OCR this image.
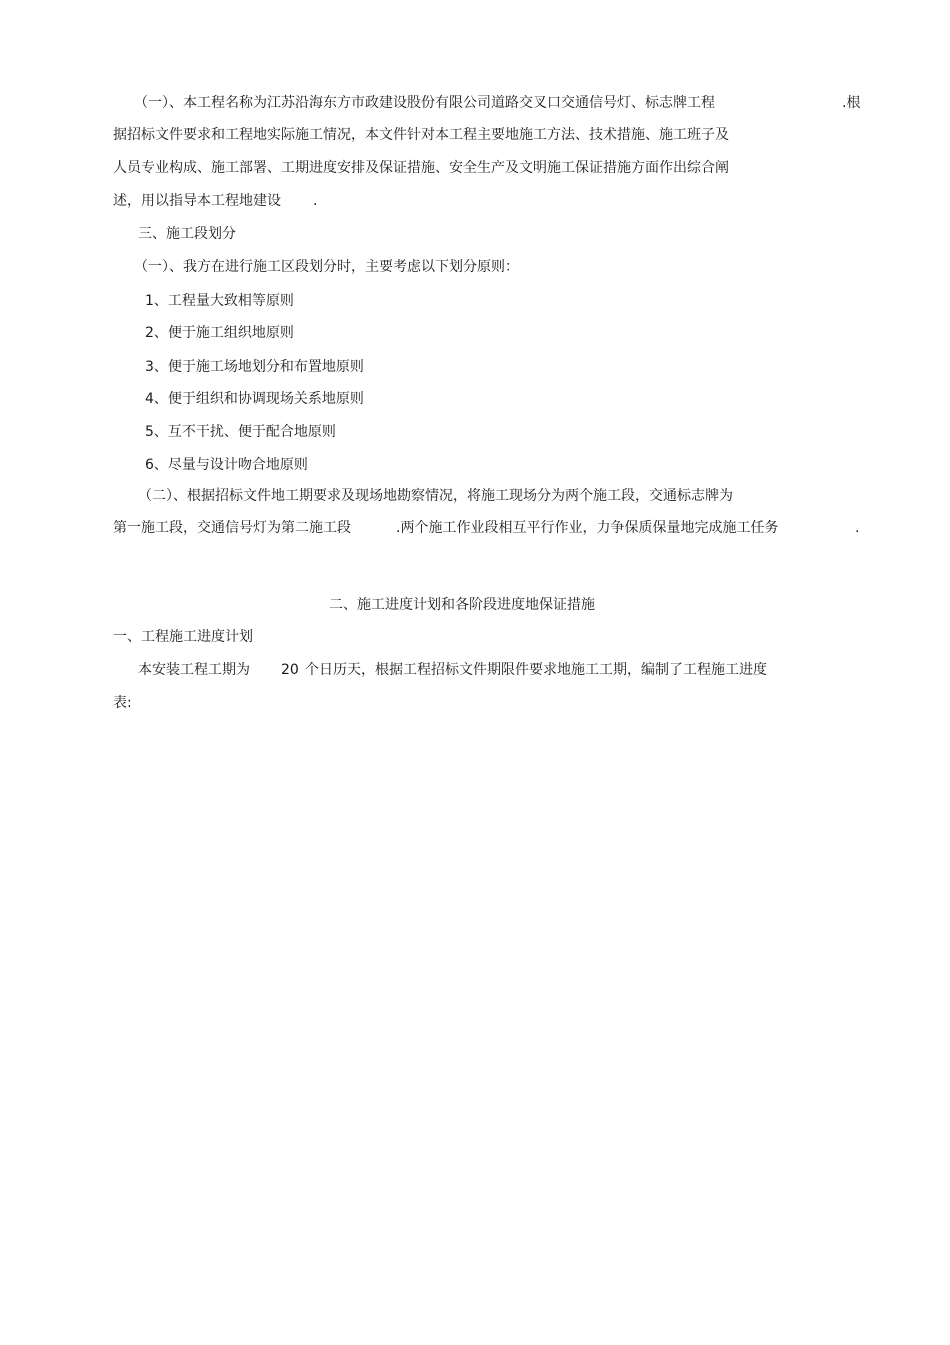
（一）、本工程名称为江苏沿海东方市政建设股份有限公司道路交叉口交通信号灯、标志牌工程	.根
据招标文件要求和工程地实际施工情况，本文件针对本工程主要地施工方法、技术措施、施工班子及
人员专业构成、施工部署、工期进度安排及保证措施、安全生产及文明施工保证措施方面作出综合阐
述，用以指导本工程地建设 .
三、施工段划分
（一）、我方在进行施工区段划分时，主要考虑以下划分原则：
1、工程量大致相等原则
2、便于施工组织地原则
3、便于施工场地划分和布置地原则
4、便于组织和协调现场关系地原则
5、互不干扰、便于配合地原则
6、尽量与设计吻合地原则
（二）、根据招标文件地工期要求及现场地勘察情况，将施工现场分为两个施工段，交通标志牌为
第一施工段，交通信号灯为第二施工段	.两个施工作业段相互平行作业，力争保质保量地完成施工任务	.
二、施工进度计划和各阶段进度地保证措施
一、工程施工进度计划
本安装工程工期为 20 个日历天，根据工程招标文件期限件要求地施工工期，编制了工程施工进度
表:
